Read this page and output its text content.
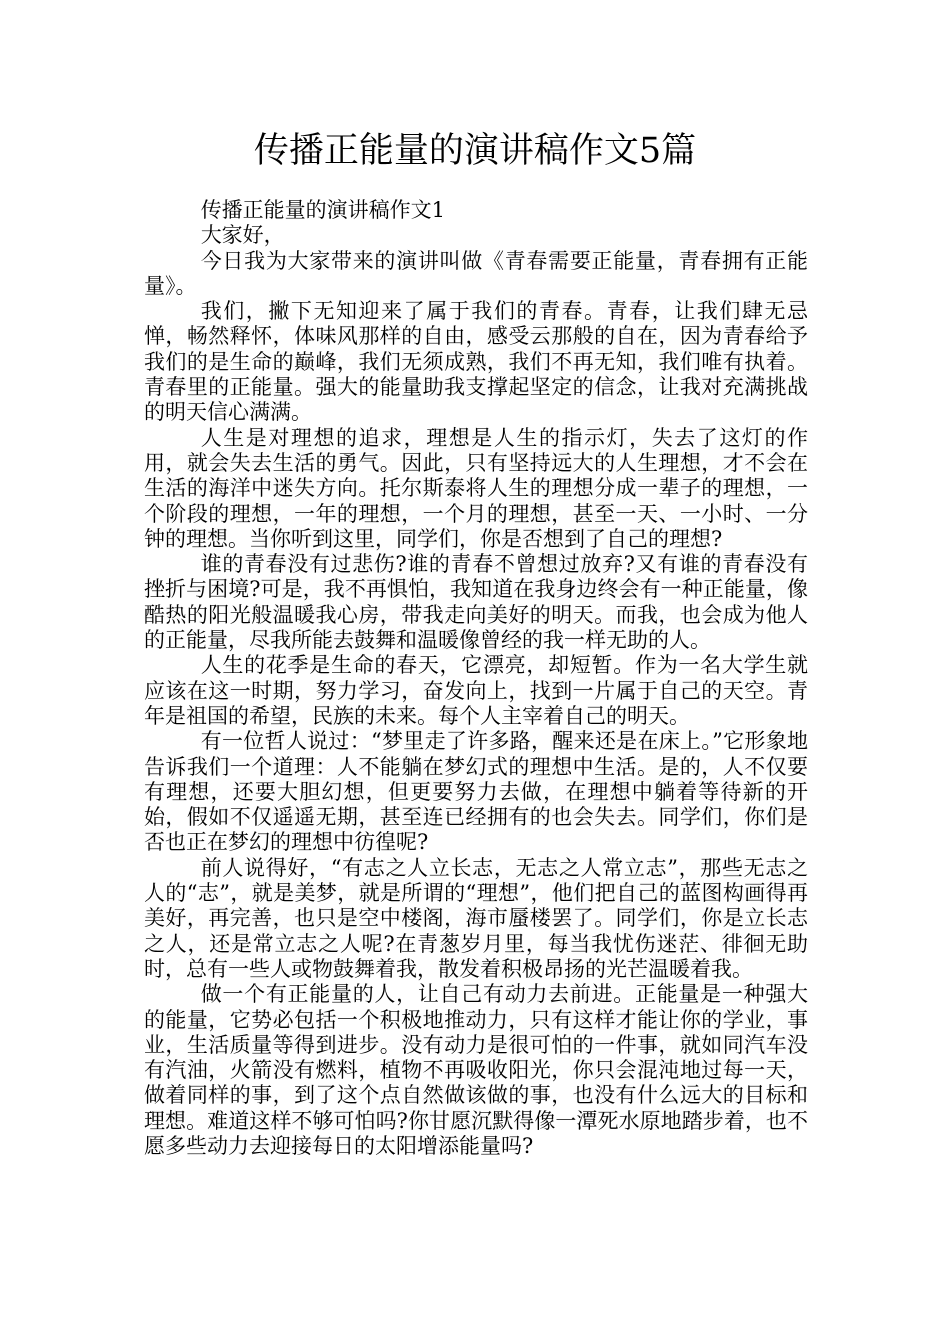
传播正能量的演讲稿作文5篇

传播正能量的演讲稿作文1

大家好，

今日我为大家带来的演讲叫做《青春需要正能量，青春拥有正能量》。

我们，撇下无知迎来了属于我们的青春。青春，让我们肆无忌惮，畅然释怀，体味风那样的自由，感受云那般的自在，因为青春给予我们的是生命的巅峰，我们无须成熟，我们不再无知，我们唯有执着。青春里的正能量。强大的能量助我支撑起坚定的信念，让我对充满挑战的明天信心满满。

人生是对理想的追求，理想是人生的指示灯，失去了这灯的作用，就会失去生活的勇气。因此，只有坚持远大的人生理想，才不会在生活的海洋中迷失方向。托尔斯泰将人生的理想分成一辈子的理想，一个阶段的理想，一年的理想，一个月的理想，甚至一天、一小时、一分钟的理想。当你听到这里，同学们，你是否想到了自己的理想?

谁的青春没有过悲伤?谁的青春不曾想过放弃?又有谁的青春没有挫折与困境?可是，我不再惧怕，我知道在我身边终会有一种正能量，像酷热的阳光般温暖我心房，带我走向美好的明天。而我，也会成为他人的正能量，尽我所能去鼓舞和温暖像曾经的我一样无助的人。

人生的花季是生命的春天，它漂亮，却短暂。作为一名大学生就应该在这一时期，努力学习，奋发向上，找到一片属于自己的天空。青年是祖国的希望，民族的未来。每个人主宰着自己的明天。

有一位哲人说过：“梦里走了许多路，醒来还是在床上。”它形象地告诉我们一个道理：人不能躺在梦幻式的理想中生活。是的，人不仅要有理想，还要大胆幻想，但更要努力去做，在理想中躺着等待新的开始，假如不仅遥遥无期，甚至连已经拥有的也会失去。同学们，你们是否也正在梦幻的理想中彷徨呢?

前人说得好，“有志之人立长志，无志之人常立志”，那些无志之人的“志”，就是美梦，就是所谓的“理想”，他们把自己的蓝图构画得再美好，再完善，也只是空中楼阁，海市蜃楼罢了。同学们，你是立长志之人，还是常立志之人呢?在青葱岁月里，每当我忧伤迷茫、徘徊无助时，总有一些人或物鼓舞着我，散发着积极昂扬的光芒温暖着我。

做一个有正能量的人，让自己有动力去前进。正能量是一种强大的能量，它势必包括一个积极地推动力，只有这样才能让你的学业，事业，生活质量等得到进步。没有动力是很可怕的一件事，就如同汽车没有汽油，火箭没有燃料，植物不再吸收阳光，你只会混沌地过每一天，做着同样的事，到了这个点自然做该做的事，也没有什么远大的目标和理想。难道这样不够可怕吗?你甘愿沉默得像一潭死水原地踏步着，也不愿多些动力去迎接每日的太阳增添能量吗?
